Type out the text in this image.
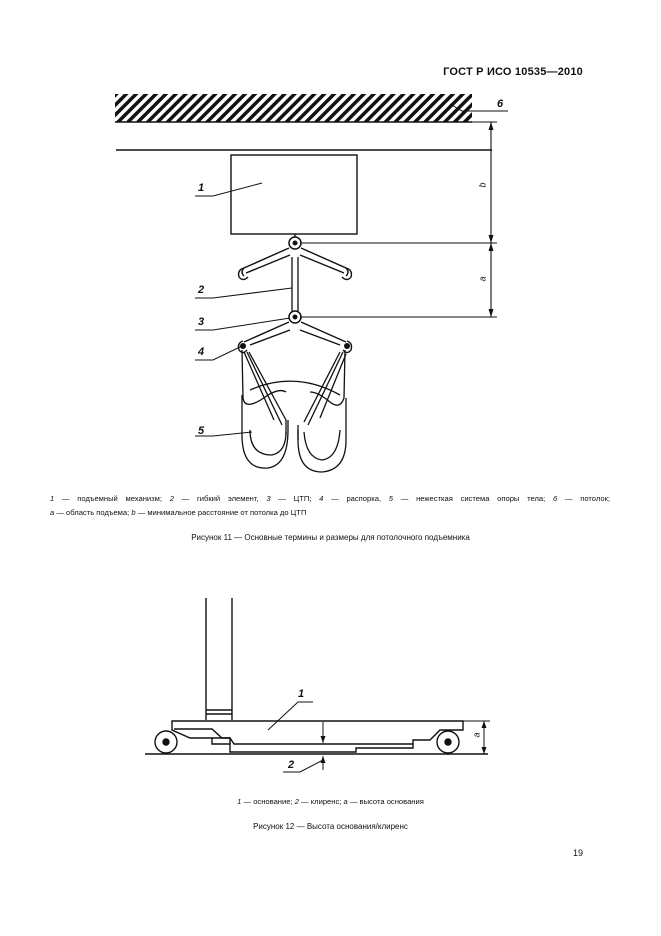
ГОСТ Р ИСО 10535—2010
1
2
3
4
5
6
b
a
1 — подъемный механизм; 2 — гибкий элемент, 3 — ЦТП; 4 — распорка, 5 — нежесткая система опоры тела; 6 — потолок;
a — область подъема; b — минимальное расстояние от потолка до ЦТП
Рисунок 11 — Основные термины и размеры для потолочного подъемника
1
2
a
1 — основание; 2 — клиренс; a — высота основания
Рисунок 12 — Высота основания/клиренс
19
